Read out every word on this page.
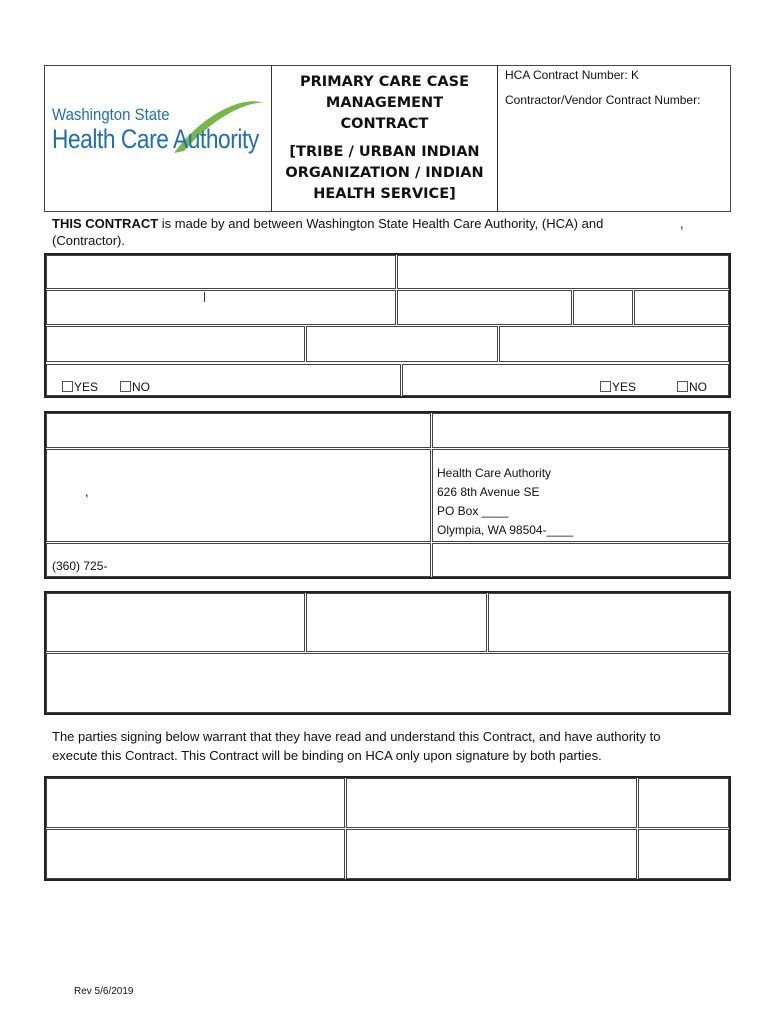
Washington State
Health Care Authority
PRIMARY CARE CASE
MANAGEMENT
CONTRACT
[TRIBE / URBAN INDIAN
ORGANIZATION / INDIAN
HEALTH SERVICE]
HCA Contract Number: K
Contractor/Vendor Contract Number:
THIS CONTRACT is made by and between Washington State Health Care Authority, (HCA) and	,
(Contractor).
YES	NO	YES	NO
,
Health Care Authority
626 8th Avenue SE
PO Box ____
Olympia, WA 98504-____
(360) 725-
The parties signing below warrant that they have read and understand this Contract, and have authority to
execute this Contract. This Contract will be binding on HCA only upon signature by both parties.
Rev 5/6/2019
